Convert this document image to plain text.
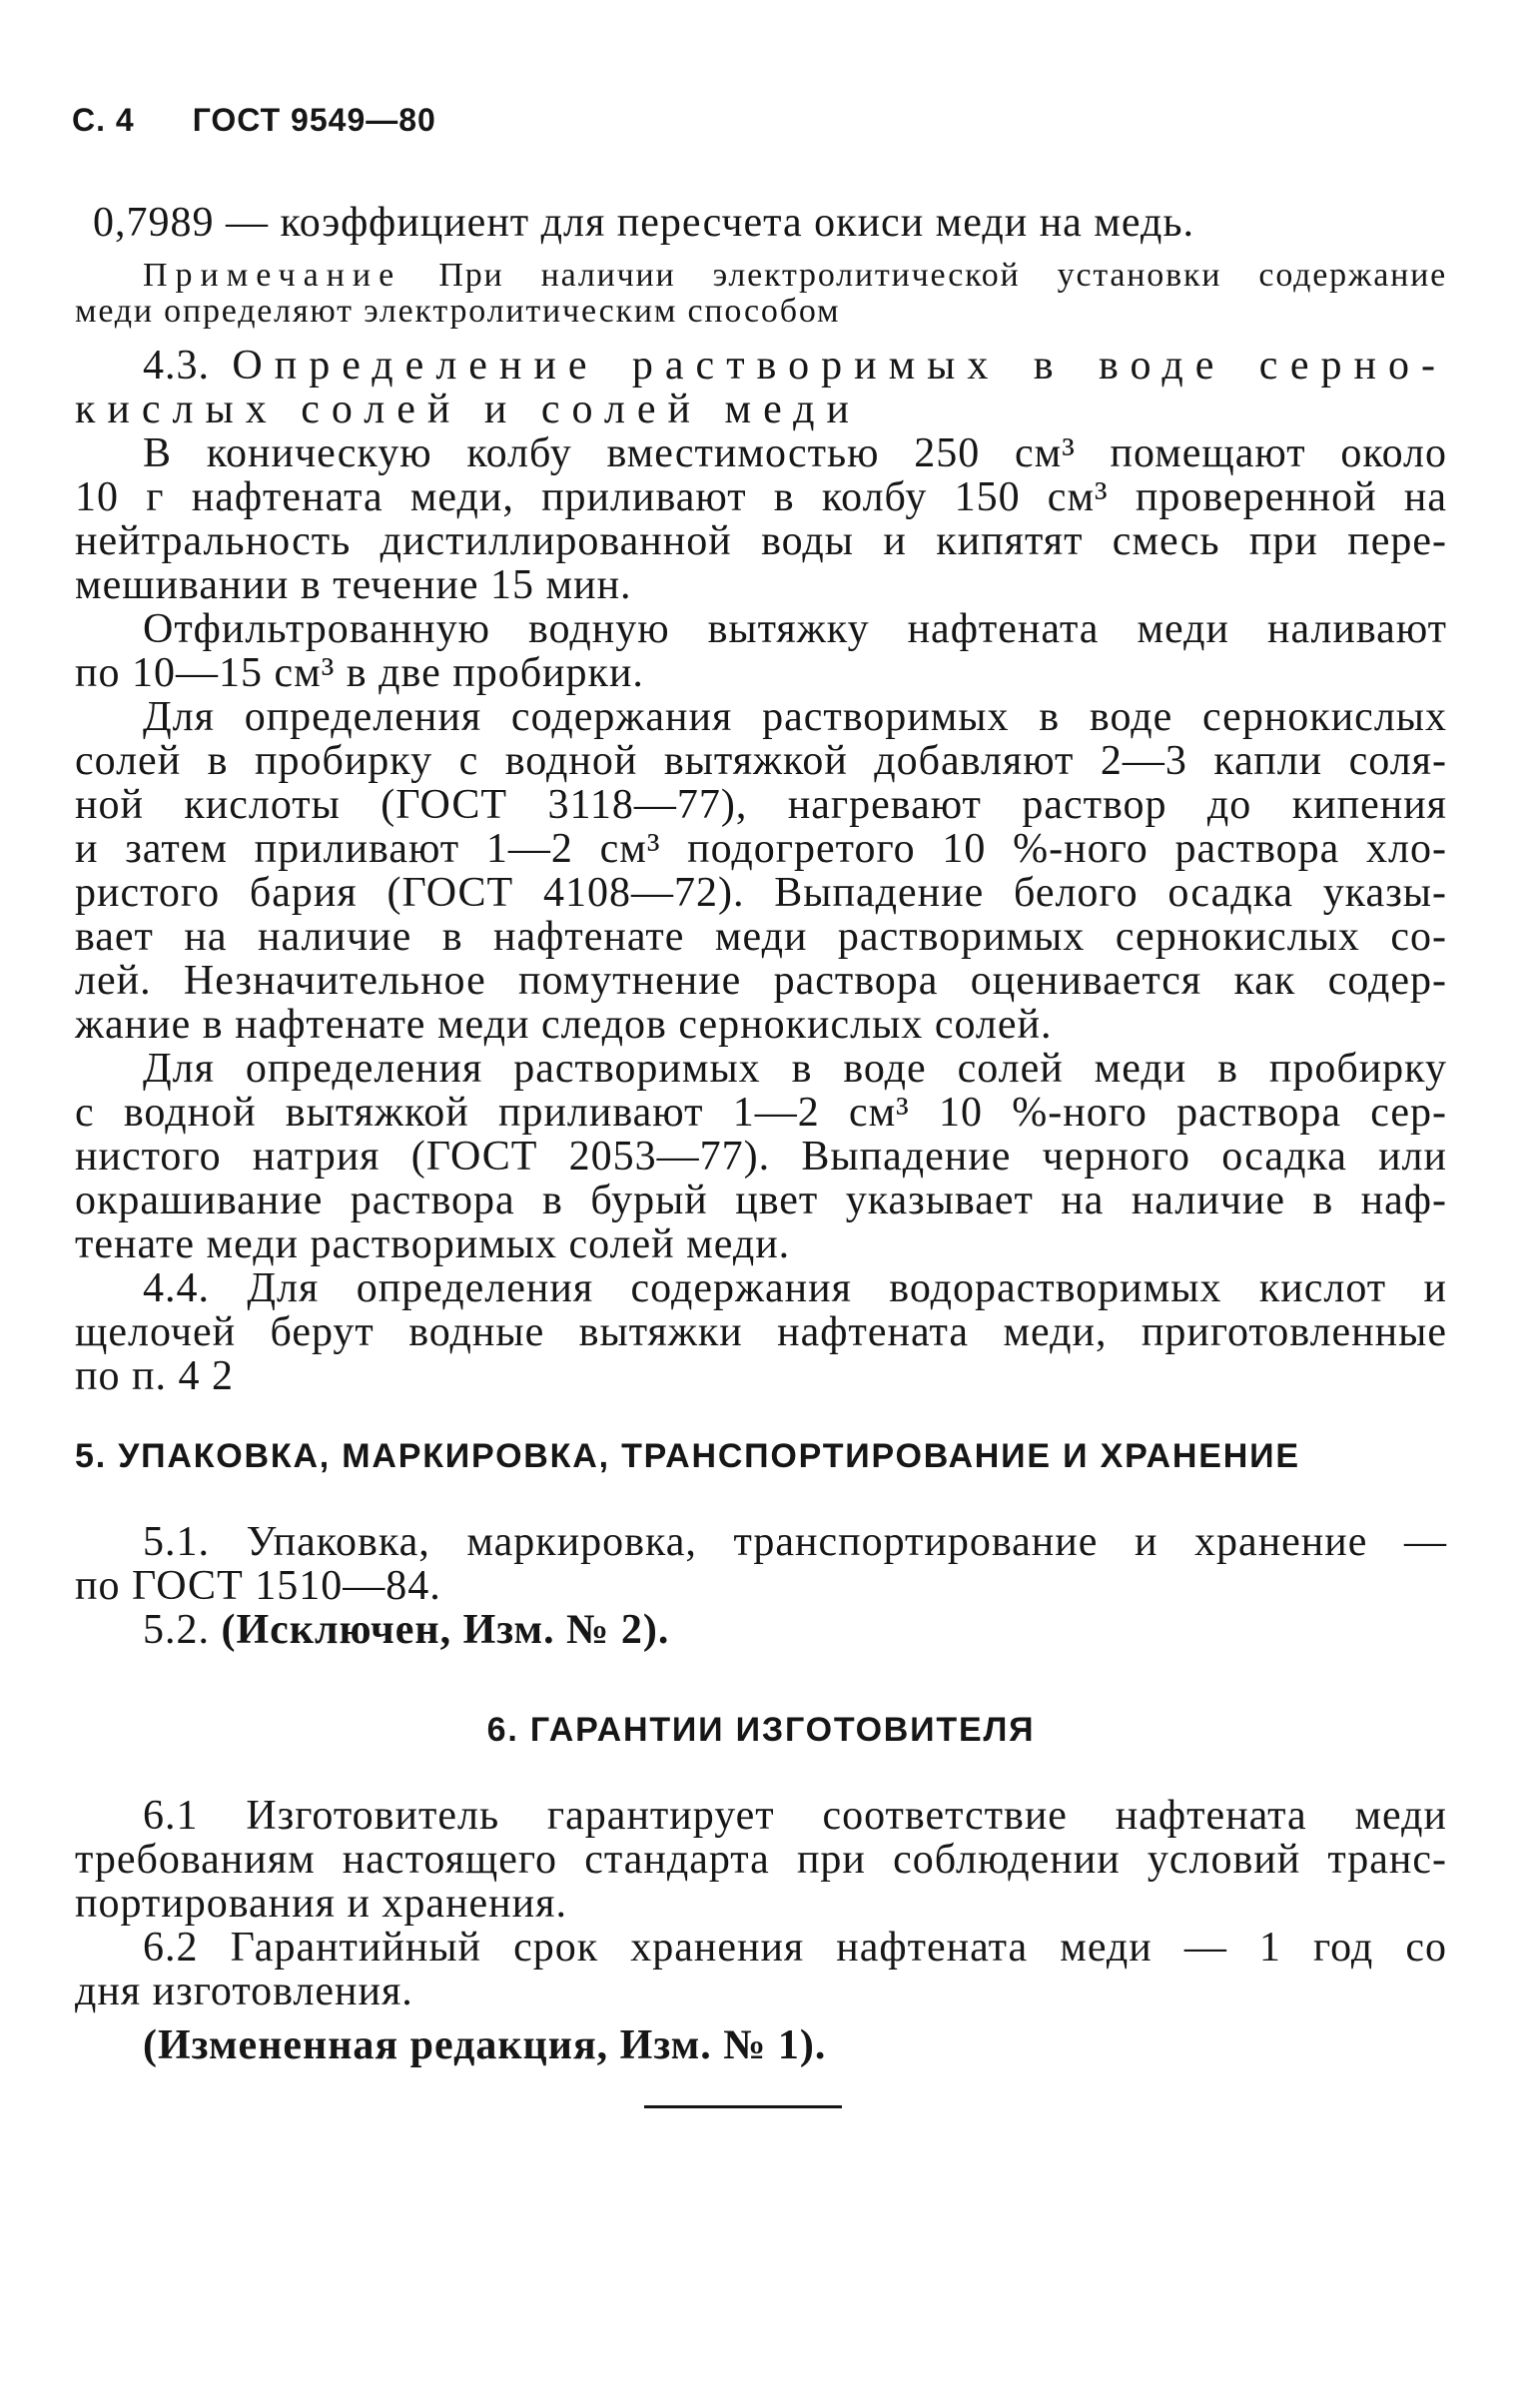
С. 4 ГОСТ 9549—80
0,7989 — коэффициент для пересчета окиси меди на медь.
Примечание При наличии электролитической установки содержание
меди определяют электролитическим способом
4.3. Определение растворимых в воде серно-
кислых солей и солей меди
В коническую колбу вместимостью 250 см³ помещают около
10 г нафтената меди, приливают в колбу 150 см³ проверенной на
нейтральность дистиллированной воды и кипятят смесь при пере-
мешивании в течение 15 мин.
Отфильтрованную водную вытяжку нафтената меди наливают
по 10—15 см³ в две пробирки.
Для определения содержания растворимых в воде сернокислых
солей в пробирку с водной вытяжкой добавляют 2—3 капли соля-
ной кислоты (ГОСТ 3118—77), нагревают раствор до кипения
и затем приливают 1—2 см³ подогретого 10 %-ного раствора хло-
ристого бария (ГОСТ 4108—72). Выпадение белого осадка указы-
вает на наличие в нафтенате меди растворимых сернокислых со-
лей. Незначительное помутнение раствора оценивается как содер-
жание в нафтенате меди следов сернокислых солей.
Для определения растворимых в воде солей меди в пробирку
с водной вытяжкой приливают 1—2 см³ 10 %-ного раствора сер-
нистого натрия (ГОСТ 2053—77). Выпадение черного осадка или
окрашивание раствора в бурый цвет указывает на наличие в наф-
тенате меди растворимых солей меди.
4.4. Для определения содержания водорастворимых кислот и
щелочей берут водные вытяжки нафтената меди, приготовленные
по п. 4 2
5. УПАКОВКА, МАРКИРОВКА, ТРАНСПОРТИРОВАНИЕ И ХРАНЕНИЕ
5.1. Упаковка, маркировка, транспортирование и хранение —
по ГОСТ 1510—84.
5.2. (Исключен, Изм. № 2).
6. ГАРАНТИИ ИЗГОТОВИТЕЛЯ
6.1 Изготовитель гарантирует соответствие нафтената меди
требованиям настоящего стандарта при соблюдении условий транс-
портирования и хранения.
6.2 Гарантийный срок хранения нафтената меди — 1 год со
дня изготовления.
(Измененная редакция, Изм. № 1).
